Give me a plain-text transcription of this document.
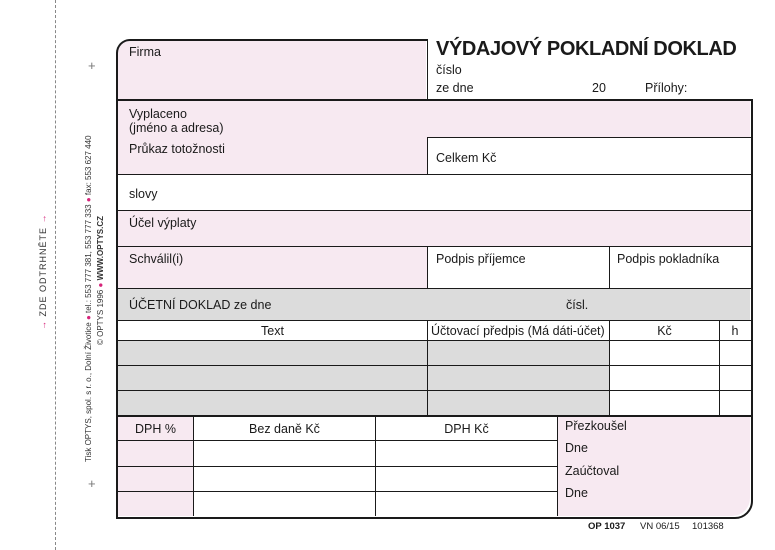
→ ZDE ODTRHNĚTE →
Tisk OPTYS, spol. s r. o., Dolní Životice ● tel.: 553 777 381, 553 777 333 ● fax: 553 627 440
© OPTYS 1996 ● WWW.OPTYS.CZ
+
+
VÝDAJOVÝ POKLADNÍ DOKLAD
číslo
ze dne	20	Přílohy:
Firma
Vyplaceno
(jméno a adresa)
Průkaz totožnosti
Celkem Kč
slovy
Účel výplaty
Schválil(i)	Podpis příjemce	Podpis pokladníka
ÚČETNÍ DOKLAD ze dne	čísl.
Text	Účtovací předpis (Má dáti-účet)	Kč	h
DPH %	Bez daně Kč	DPH Kč	Přezkoušel
Dne
Zaúčtoval
Dne
OP 1037 VN 06/15 101368
